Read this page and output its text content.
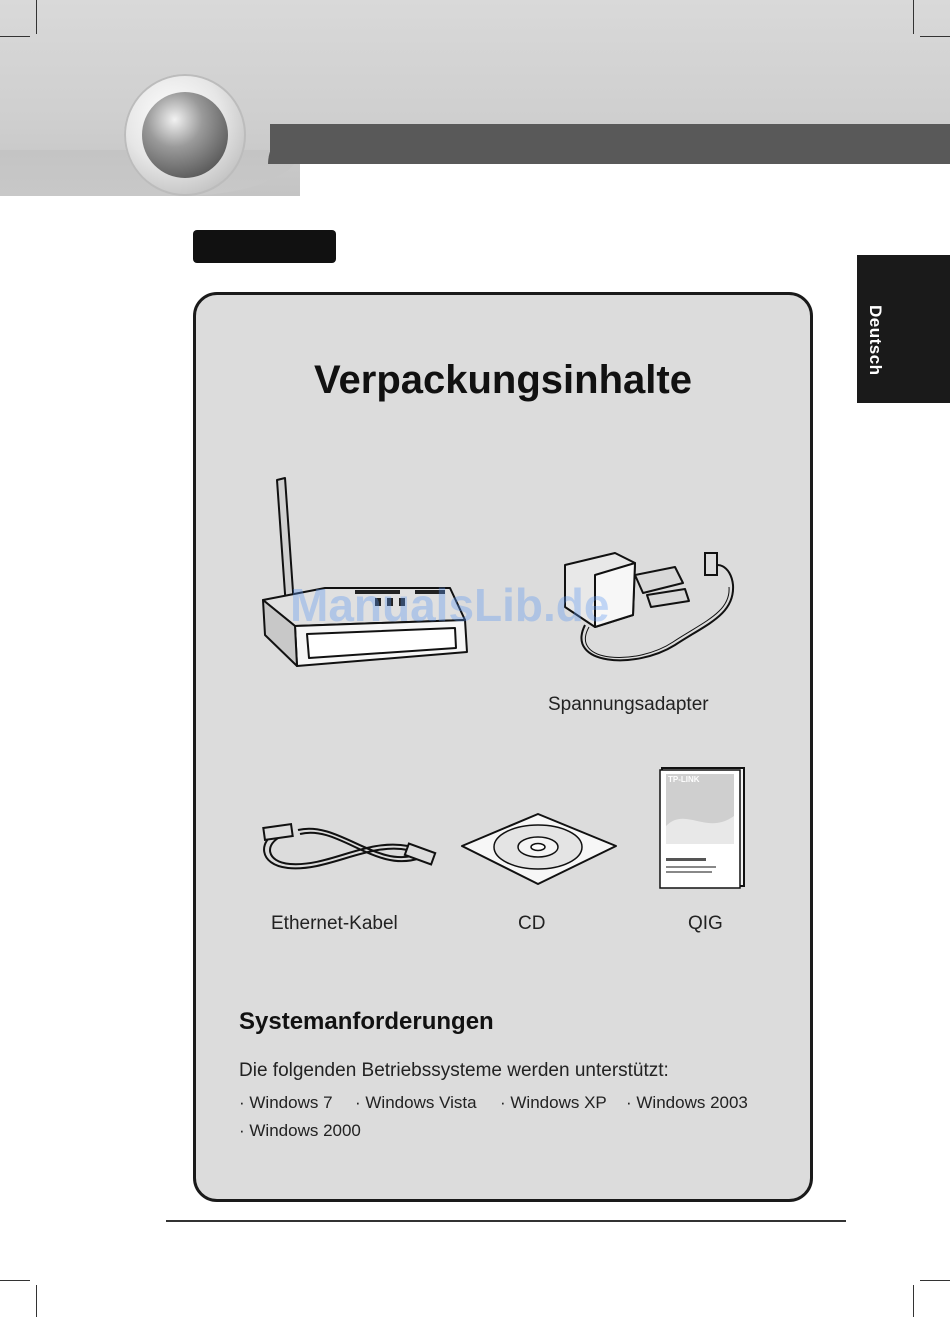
Deutsch
Verpackungsinhalte
Spannungsadapter
Ethernet-Kabel	CD
TP-LINK
QIG
ManualsLib.de
Systemanforderungen
Die folgenden Betriebssysteme werden unterstützt:
· Windows 7 · Windows Vista · Windows XP · Windows 2003
· Windows 2000
